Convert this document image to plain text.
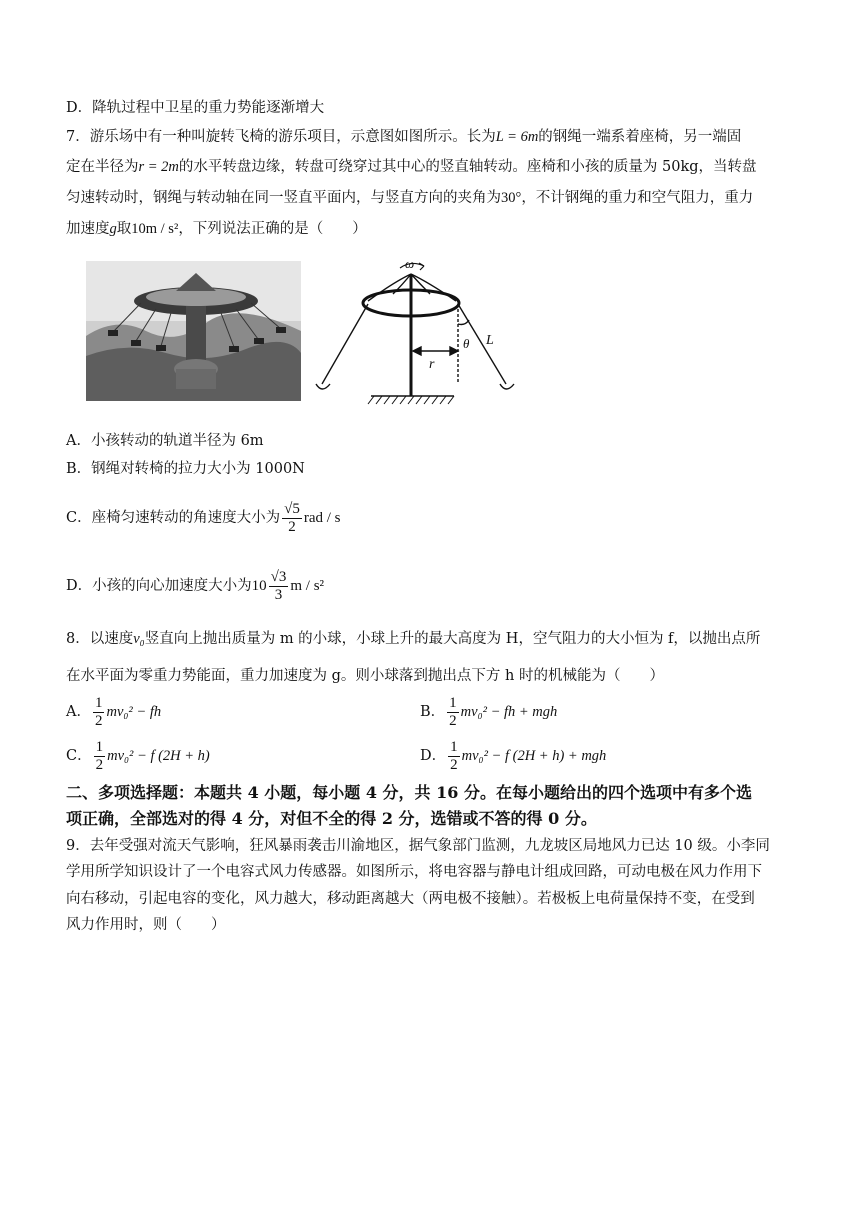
D．降轨过程中卫星的重力势能逐渐增大
7．游乐场中有一种叫旋转飞椅的游乐项目，示意图如图所示。长为L = 6m的钢绳一端系着座椅，另一端固
定在半径为r = 2m的水平转盘边缘，转盘可绕穿过其中心的竖直轴转动。座椅和小孩的质量为 50kg，当转盘
匀速转动时，钢绳与转动轴在同一竖直平面内，与竖直方向的夹角为30°，不计钢绳的重力和空气阻力，重力
加速度g取10m / s²，下列说法正确的是（　　）
ω
r
θ L
A．小孩转动的轨道半径为 6m
B．钢绳对转椅的拉力大小为 1000N
C．座椅匀速转动的角速度大小为 $\frac{√5}{2}$ rad / s
D．小孩的向心加速度大小为$10 \frac{√3}{3}$ m / s²
8．以速度v₀竖直向上抛出质量为 m 的小球，小球上升的最大高度为 H，空气阻力的大小恒为 f，以抛出点所
在水平面为零重力势能面，重力加速度为 g。则小球落到抛出点下方 h 时的机械能为（　　）
A． $\frac{1}{2} mv_0^2$ − fh	B． $\frac{1}{2} mv_0^2$ − fh + mgh
C． $\frac{1}{2} mv_0^2 - f$ (2H + h)	D． $\frac{1}{2} mv_0^2 - f$ (2H + h) + mgh
二、多项选择题：本题共 4 小题，每小题 4 分，共 16 分。在每小题给出的四个选项中有多个选
项正确，全部选对的得 4 分，对但不全的得 2 分，选错或不答的得 0 分。
9．去年受强对流天气影响，狂风暴雨袭击川渝地区，据气象部门监测，九龙坡区局地风力已达 10 级。小李同
学用所学知识设计了一个电容式风力传感器。如图所示，将电容器与静电计组成回路，可动电极在风力作用下
向右移动，引起电容的变化，风力越大，移动距离越大（两电极不接触）。若极板上电荷量保持不变，在受到
风力作用时，则（　　）
